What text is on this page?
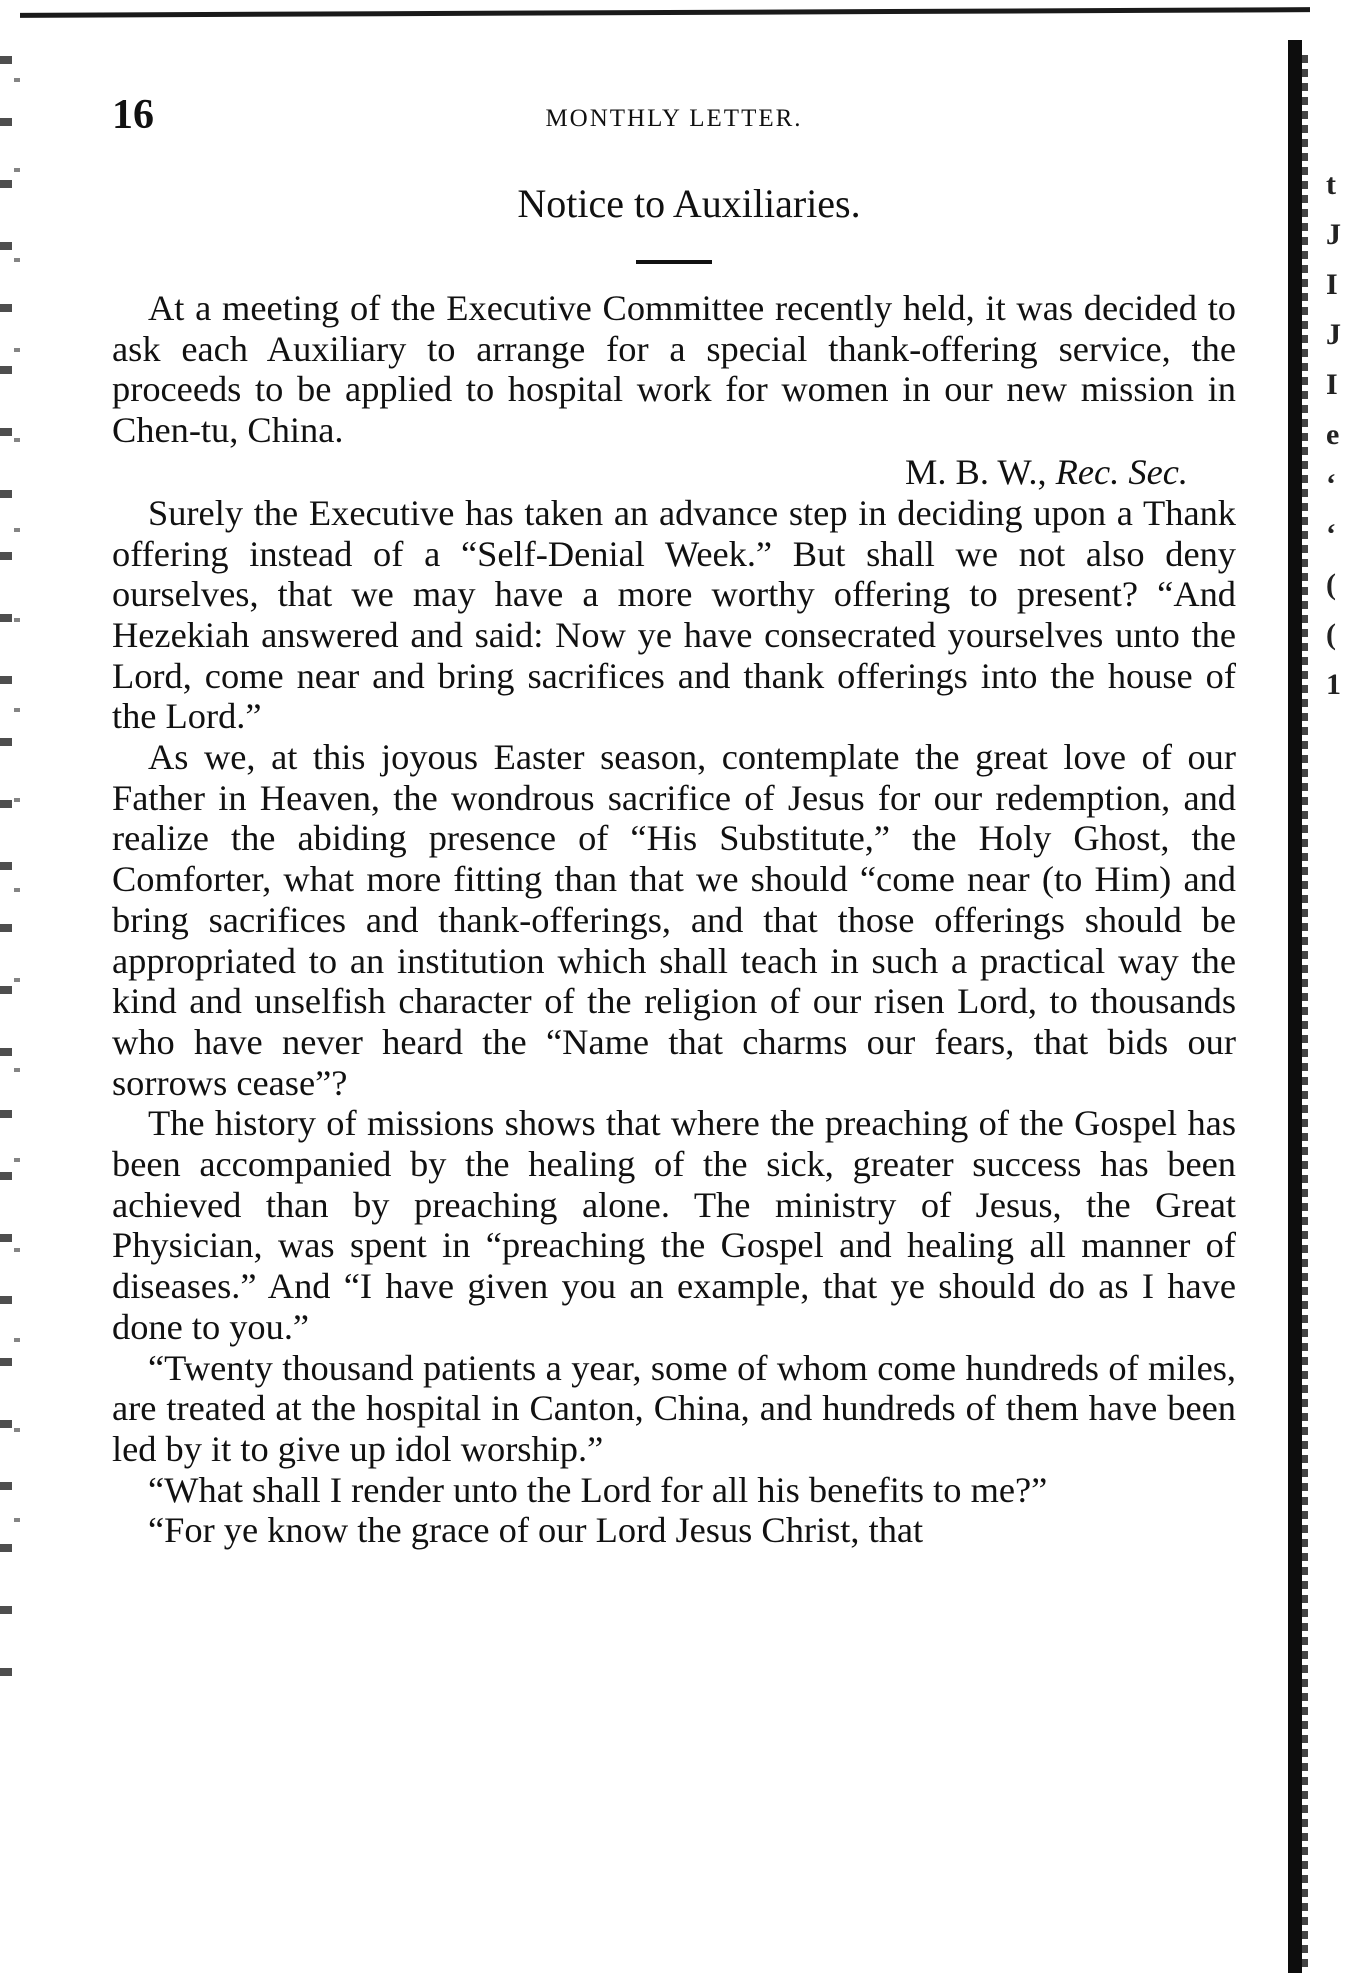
t
J
I
J
I
e
ʻ
ʻ
(
(
1
16	MONTHLY LETTER.
Notice to Auxiliaries.

At a meeting of the Executive Committee recently held, it was decided to ask each Auxiliary to arrange for a special thank-offering service, the proceeds to be applied to hospital work for women in our new mission in Chen-tu, China.

M. B. W., Rec. Sec.

Surely the Executive has taken an advance step in deciding upon a Thank offering instead of a “Self-Denial Week.” But shall we not also deny ourselves, that we may have a more worthy offering to present? “And Hezekiah answered and said: Now ye have consecrated yourselves unto the Lord, come near and bring sacrifices and thank offerings into the house of the Lord.”

As we, at this joyous Easter season, contemplate the great love of our Father in Heaven, the wondrous sacrifice of Jesus for our redemption, and realize the abiding presence of “His Substitute,” the Holy Ghost, the Comforter, what more fitting than that we should “come near (to Him) and bring sacrifices and thank-offerings, and that those offerings should be appropriated to an institution which shall teach in such a practical way the kind and unselfish character of the religion of our risen Lord, to thousands who have never heard the “Name that charms our fears, that bids our sorrows cease”?

The history of missions shows that where the preaching of the Gospel has been accompanied by the healing of the sick, greater success has been achieved than by preaching alone. The ministry of Jesus, the Great Physician, was spent in “preaching the Gospel and healing all manner of diseases.” And “I have given you an example, that ye should do as I have done to you.”

“Twenty thousand patients a year, some of whom come hundreds of miles, are treated at the hospital in Canton, China, and hundreds of them have been led by it to give up idol worship.”

“What shall I render unto the Lord for all his benefits to me?”

“For ye know the grace of our Lord Jesus Christ, that
